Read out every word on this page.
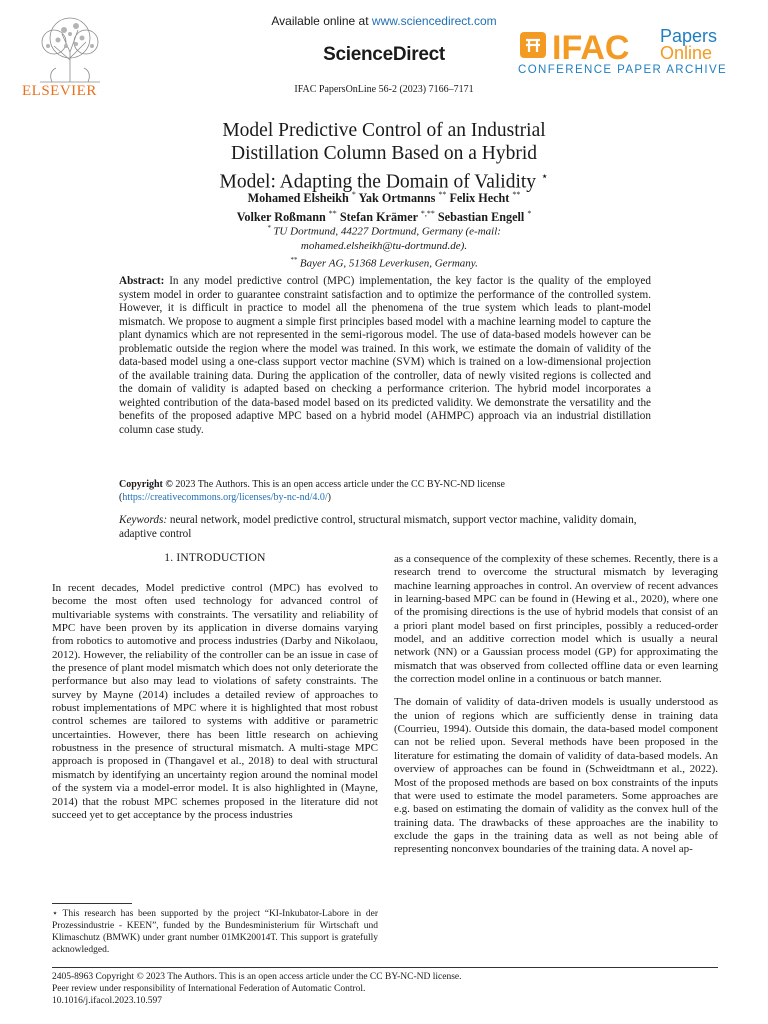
ELSEVIER
Available online at www.sciencedirect.com
ScienceDirect
IFAC PapersOnLine 56-2 (2023) 7166–7171
IFAC Papers
Online
CONFERENCE PAPER ARCHIVE
Model Predictive Control of an Industrial
Distillation Column Based on a Hybrid
Model: Adapting the Domain of Validity ⋆
Mohamed Elsheikh * Yak Ortmanns ** Felix Hecht **
Volker Roßmann ** Stefan Krämer *,** Sebastian Engell *
* TU Dortmund, 44227 Dortmund, Germany (e-mail:
mohamed.elsheikh@tu-dortmund.de).
** Bayer AG, 51368 Leverkusen, Germany.
Abstract: In any model predictive control (MPC) implementation, the key factor is the quality of the employed system model in order to guarantee constraint satisfaction and to optimize the performance of the controlled system. However, it is difficult in practice to model all the phenomena of the true system which leads to plant-model mismatch. We propose to augment a simple first principles based model with a machine learning model to capture the plant dynamics which are not represented in the semi-rigorous model. The use of data-based models however can be problematic outside the region where the model was trained. In this work, we estimate the domain of validity of the data-based model using a one-class support vector machine (SVM) which is trained on a low-dimensional projection of the available training data. During the application of the controller, data of newly visited regions is collected and the domain of validity is adapted based on checking a performance criterion. The hybrid model incorporates a weighted contribution of the data-based model based on its predicted validity. We demonstrate the versatility and the benefits of the proposed adaptive MPC based on a hybrid model (AHMPC) approach via an industrial distillation column case study.
Copyright © 2023 The Authors. This is an open access article under the CC BY-NC-ND license
(https://creativecommons.org/licenses/by-nc-nd/4.0/)
Keywords: neural network, model predictive control, structural mismatch, support vector machine, validity domain, adaptive control
1. INTRODUCTION

In recent decades, Model predictive control (MPC) has evolved to become the most often used technology for advanced control of multivariable systems with constraints. The versatility and reliability of MPC have been proven by its application in diverse domains varying from robotics to automotive and process industries (Darby and Nikolaou, 2012). However, the reliability of the controller can be an issue in case of the presence of plant model mismatch which does not only deteriorate the performance but also may lead to violations of safety constraints. The survey by Mayne (2014) includes a detailed review of approaches to robust implementations of MPC where it is highlighted that most robust control schemes are tailored to systems with additive or parametric uncertainties. However, there has been little research on achieving robustness in the presence of structural mismatch. A multi-stage MPC approach is proposed in (Thangavel et al., 2018) to deal with structural mismatch by identifying an uncertainty region around the nominal model of the system via a model-error model. It is also highlighted in (Mayne, 2014) that the robust MPC schemes proposed in the literature did not succeed yet to get acceptance by the process industries

as a consequence of the complexity of these schemes. Recently, there is a research trend to overcome the structural mismatch by leveraging machine learning approaches in control. An overview of recent advances in learning-based MPC can be found in (Hewing et al., 2020), where one of the promising directions is the use of hybrid models that consist of an a priori plant model based on first principles, possibly a reduced-order model, and an additive correction model which is usually a neural network (NN) or a Gaussian process model (GP) for approximating the mismatch that was observed from collected offline data or even learning the correction model online in a continuous or batch manner.

The domain of validity of data-driven models is usually understood as the union of regions which are sufficiently dense in training data (Courrieu, 1994). Outside this domain, the data-based model component can not be relied upon. Several methods have been proposed in the literature for estimating the domain of validity of data-based models. An overview of approaches can be found in (Schweidtmann et al., 2022). Most of the proposed methods are based on box constraints of the inputs that were used to estimate the model parameters. Some approaches are e.g. based on estimating the domain of validity as the convex hull of the training data. The drawbacks of these approaches are the inability to exclude the gaps in the training data as well as not being able of representing nonconvex boundaries of the training data. A novel ap-

⋆ This research has been supported by the project “KI-Inkubator-Labore in der Prozessindustrie - KEEN”, funded by the Bundesministerium für Wirtschaft und Klimaschutz (BMWK) under grant number 01MK20014T. This support is gratefully acknowledged.
2405-8963 Copyright © 2023 The Authors. This is an open access article under the CC BY-NC-ND license.
Peer review under responsibility of International Federation of Automatic Control.
10.1016/j.ifacol.2023.10.597
